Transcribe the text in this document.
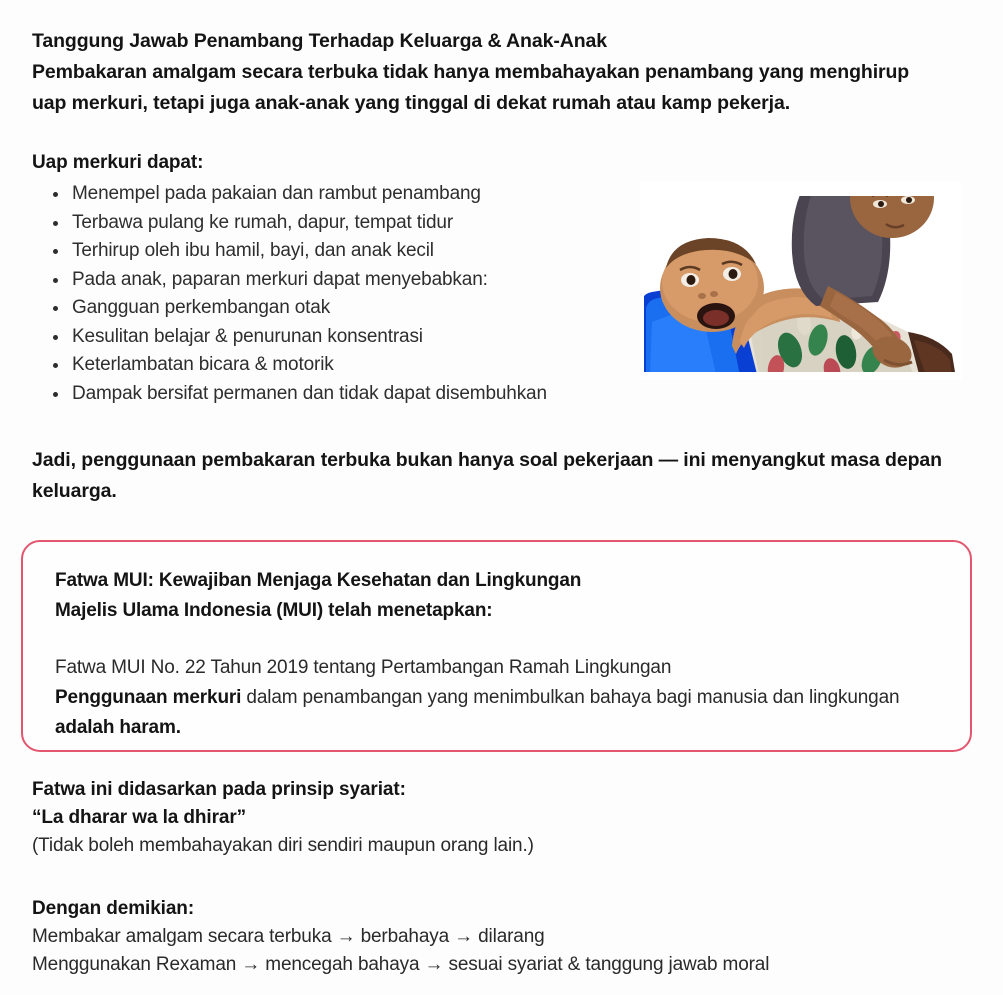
Tanggung Jawab Penambang Terhadap Keluarga & Anak-Anak
Pembakaran amalgam secara terbuka tidak hanya membahayakan penambang yang menghirup uap merkuri, tetapi juga anak-anak yang tinggal di dekat rumah atau kamp pekerja.
Uap merkuri dapat:
Menempel pada pakaian dan rambut penambang
Terbawa pulang ke rumah, dapur, tempat tidur
Terhirup oleh ibu hamil, bayi, dan anak kecil
Pada anak, paparan merkuri dapat menyebabkan:
Gangguan perkembangan otak
Kesulitan belajar & penurunan konsentrasi
Keterlambatan bicara & motorik
Dampak bersifat permanen dan tidak dapat disembuhkan
Jadi, penggunaan pembakaran terbuka bukan hanya soal pekerjaan — ini menyangkut masa depan keluarga.
Fatwa MUI: Kewajiban Menjaga Kesehatan dan Lingkungan
Majelis Ulama Indonesia (MUI) telah menetapkan:
Fatwa MUI No. 22 Tahun 2019 tentang Pertambangan Ramah Lingkungan
Penggunaan merkuri dalam penambangan yang menimbulkan bahaya bagi manusia dan lingkungan adalah haram.
Fatwa ini didasarkan pada prinsip syariat:
“La dharar wa la dhirar”
(Tidak boleh membahayakan diri sendiri maupun orang lain.)
Dengan demikian:
Membakar amalgam secara terbuka → berbahaya → dilarang
Menggunakan Rexaman → mencegah bahaya → sesuai syariat & tanggung jawab moral
